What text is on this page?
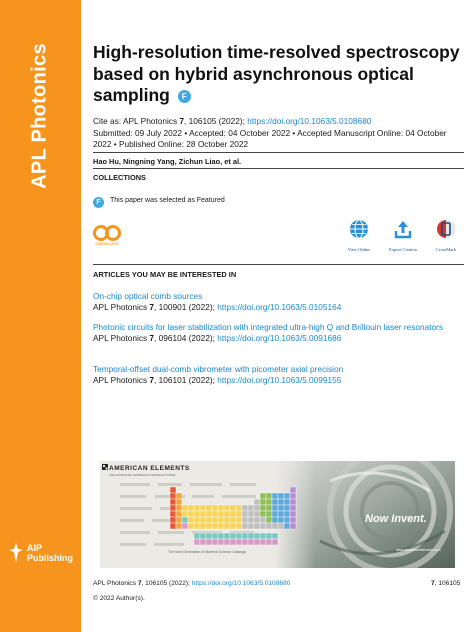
APL Photonics
AIP Publishing
High-resolution time-resolved spectroscopy based on hybrid asynchronous optical sampling F
Cite as: APL Photonics 7, 106105 (2022); https://doi.org/10.1063/5.0108680
Submitted: 09 July 2022 • Accepted: 04 October 2022 • Accepted Manuscript Online: 04 October 2022 • Published Online: 28 October 2022
Hao Hu, Ningning Yang, Zichun Liao, et al.
COLLECTIONS
F This paper was selected as Featured
openaccess
View Online	Export Citation	CrossMark
ARTICLES YOU MAY BE INTERESTED IN
On-chip optical comb sources
APL Photonics 7, 100901 (2022); https://doi.org/10.1063/5.0105164
Photonic circuits for laser stabilization with integrated ultra-high Q and Brillouin laser resonators
APL Photonics 7, 096104 (2022); https://doi.org/10.1063/5.0091686
Temporal-offset dual-comb vibrometer with picometer axial precision
APL Photonics 7, 106101 (2022); https://doi.org/10.1063/5.0099155
AMERICAN ELEMENTS
THE ADVANCED MATERIALS MANUFACTURER
The Next Generation of Material Science Catalogs
Now Invent.
www.americanelements.com
APL Photonics 7, 106105 (2022); https://doi.org/10.1063/5.0108680	7, 106105
© 2022 Author(s).
